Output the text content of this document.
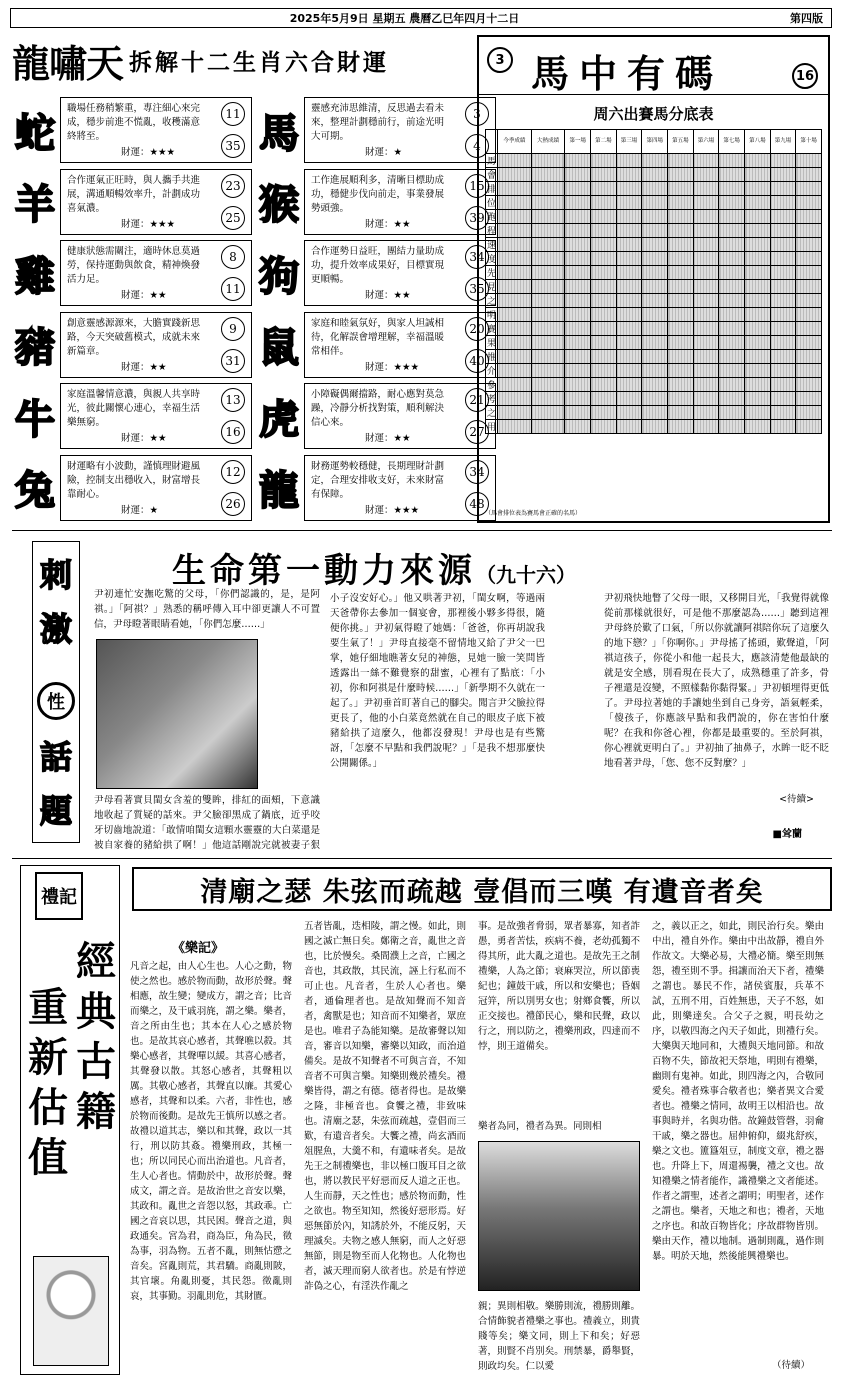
2025年5月9日 星期五 農曆乙巳年四月十二日	第四版
龍嘯天 拆解十二生肖六合財運
蛇
職場任務稍繁重，專注細心來完成，穩步前進不慌亂，收穫滿意終將至。
財運：★★★
11
35
羊
合作運氣正旺時，與人攜手共進展，溝通順暢效率升，計劃成功喜氣濃。
財運：★★★
23
25
雞
健康狀態需關注，適時休息莫過勞，保持運動與飲食，精神煥發活力足。
財運：★★
8
11
豬
創意靈感源源來，大膽實踐新思路，今天突破舊模式，成就未來新篇章。
財運：★★
9
31
牛
家庭溫馨情意濃，與親人共享時光，彼此關懷心連心，幸福生活樂無窮。
財運：★★
13
16
兔
財運略有小波動，謹慎理財避風險，控制支出穩收入，財富增長靠耐心。
財運：★
12
26
馬
靈感充沛思維清，反思過去看未來，整理計劃穩前行，前途光明大可期。
財運：★
3
4
猴
工作進展順利多，清晰目標助成功，穩健步伐向前走，事業發展勢頭強。
財運：★★
15
39
狗
合作運勢日益旺，團結力量助成功，提升效率成果好，目標實現更順暢。
財運：★★
34
35
鼠
家庭和睦氣氛好，與家人坦誠相待，化解誤會增理解，幸福溫暖常相伴。
財運：★★★
20
40
虎
小障礙偶爾擋路，耐心應對莫急躁，冷靜分析找對策，順利解決信心來。
財運：★★
21
27
龍
財務運勢較穩健，長期理財計劃定，合理安排收支好，未來財富有保障。
財運：★★★
34
48
3 馬中有碼	16
周六出賽馬分底表
	今季成績	大熱成績	第一場	第二場	第三場	第四場	第五場	第六場	第七場	第八場	第九場	第十場
馬												
會												
排												
位												
跑												
程												
速												
度												
先												
見												
之												
明												
賽												
果												
推												
介												
參												
考												
之												
用												
（馬會排位表為賽馬會正確的名馬）
刺
激
性
話
題
生命第一動力來源（九十六）
尹初連忙安撫吃驚的父母，「你們認識的，是，是阿祺。」「阿祺？」熟悉的稱呼傳入耳中卻更讓人不可置信，尹母瞪著眼睛看她，「你們怎麼……」
尹母看著實貝閨女含羞的雙眸，排紅的面頰，下意識地收起了質疑的話來。尹父臉卻黑成了鍋底，近乎咬牙切齒地說道：「敢情咱閨女這顆水靈靈的大白菜還是被自家養的豬給拱了啊！」他這話剛說完就被妻子狠
小子沒安好心。」他又哄著尹初，「閨女啊，等過兩天爸帶你去參加一個宴會，那裡後小夥多得很，隨便你挑。」尹初氣得瞪了她媽：「爸爸，你再胡說我要生氣了！」尹母直接毫不留情地又給了尹父一巴掌，她仔細地瞧著女兒的神態，見她一臉一笑問皆透露出一絲不難覺察的甜蜜，心裡有了點底：「小初，你和阿祺是什麼時候……」「新學期不久就在一起了。」尹初垂首盯著自己的腳尖。聞言尹父臉拉得更長了，他的小白菜竟然就在自己的眼皮子底下被豬給拱了這麼久，他都沒發現！尹母也是有些驚訝，「怎麼不早點和我們說呢？」「是我不想那麼快公開關係。」
尹初飛快地瞥了父母一眼，又移開目光，「我覺得就像從前那樣就很好，可是他不那麼認為……」聽到這裡尹母終於歎了口氣，「所以你就讓阿祺陪你玩了這麼久的地下戀？」「你啊你。」尹母搖了搖頭，歎聲道，「阿祺這孩子，你從小和他一起長大，應該清楚他最缺的就是安全感，別看現在長大了，成熟穩重了許多，骨子裡還是沒變，不照樣黏你黏得緊。」尹初頓埋得更低了。尹母拉著她的手讓她坐到自己身旁，語氣輕柔，「傻孩子，你應該早點和我們說的，你在害怕什麼呢？在我和你爸心裡，你都是最重要的。至於阿祺，你心裡就更明白了。」尹初抽了抽鼻子，水眸一眨不眨地看著尹母，「您、您不反對麼？」
<待續>
■耸蘭
禮記
經
典
古
籍
重
新
估
值
清廟之瑟 朱弦而疏越 壹倡而三嘆 有遺音者矣
《樂記》
凡音之起，由人心生也。人心之動，物使之然也。感於物而動，故形於聲。聲相應，故生變；變成方，謂之音；比音而樂之，及干戚羽旄，謂之樂。樂者，音之所由生也；其本在人心之感於物也。是故其哀心感者，其聲噍以殺。其樂心感者，其聲嘽以緩。其喜心感者，其聲發以散。其怒心感者，其聲粗以厲。其敬心感者，其聲直以廉。其愛心感者，其聲和以柔。六者，非性也，感於物而後動。是故先王慎所以感之者。故禮以道其志，樂以和其聲，政以一其行，刑以防其姦。禮樂刑政，其極一也；所以同民心而出治道也。凡音者，生人心者也。情動於中，故形於聲。聲成文，謂之音。是故治世之音安以樂，其政和。亂世之音怨以怒，其政乖。亡國之音哀以思，其民困。聲音之道，與政通矣。宮為君，商為臣，角為民，徵為事，羽為物。五者不亂，則無怗懘之音矣。宮亂則荒，其君驕。商亂則陂，其官壞。角亂則憂，其民怨。徵亂則哀，其事勤。羽亂則危，其財匱。
五者皆亂，迭相陵，謂之慢。如此，則國之滅亡無日矣。鄭衛之音，亂世之音也，比於慢矣。桑間濮上之音，亡國之音也，其政散，其民流，誣上行私而不可止也。凡音者，生於人心者也。樂者，通倫理者也。是故知聲而不知音者，禽獸是也；知音而不知樂者，眾庶是也。唯君子為能知樂。是故審聲以知音，審音以知樂，審樂以知政，而治道備矣。是故不知聲者不可與言音，不知音者不可與言樂。知樂則幾於禮矣。禮樂皆得，謂之有德。德者得也。是故樂之隆，非極音也。食饗之禮，非致味也。清廟之瑟，朱弦而疏越，壹倡而三歎，有遺音者矣。大饗之禮，尚玄酒而俎腥魚，大羹不和，有遺味者矣。是故先王之制禮樂也，非以極口腹耳目之欲也，將以教民平好惡而反人道之正也。人生而靜，天之性也；感於物而動，性之欲也。物至知知，然後好惡形焉。好惡無節於內，知誘於外，不能反躬，天理滅矣。夫物之感人無窮，而人之好惡無節，則是物至而人化物也。人化物也者，滅天理而窮人欲者也。於是有悖逆詐偽之心，有淫泆作亂之
事。是故強者脅弱，眾者暴寡，知者詐愚，勇者苦怯，疾病不養，老幼孤獨不得其所，此大亂之道也。是故先王之制禮樂，人為之節；衰麻哭泣，所以節喪紀也；鐘鼓干戚，所以和安樂也；昏姻冠笄，所以別男女也；射鄉食饗，所以正交接也。禮節民心，樂和民聲，政以行之，刑以防之，禮樂刑政，四達而不悖，則王道備矣。
樂者為同，禮者為異。同則相
親；異則相敬。樂勝則流，禮勝則離。合情飾貌者禮樂之事也。禮義立，則貴賤等矣；樂文同，則上下和矣；好惡著，則賢不肖別矣。刑禁暴，爵舉賢，則政均矣。仁以愛
之，義以正之，如此，則民治行矣。樂由中出，禮自外作。樂由中出故靜，禮自外作故文。大樂必易，大禮必簡。樂至則無怨，禮至則不爭。揖讓而治天下者，禮樂之謂也。暴民不作，諸侯賓服，兵革不試，五刑不用，百姓無患，天子不怒，如此，則樂達矣。合父子之親，明長幼之序，以敬四海之內天子如此，則禮行矣。大樂與天地同和，大禮與天地同節。和故百物不失，節故祀天祭地，明則有禮樂，幽則有鬼神。如此，則四海之內，合敬同愛矣。禮者殊事合敬者也；樂者異文合愛者也。禮樂之情同，故明王以相沿也。故事與時并，名與功偕。故鐘鼓管磬，羽龠干戚，樂之器也。屈伸俯仰，綴兆舒疾，樂之文也。簠簋俎豆，制度文章，禮之器也。升降上下，周還裼襲，禮之文也。故知禮樂之情者能作，識禮樂之文者能述。作者之謂聖，述者之謂明；明聖者，述作之謂也。樂者，天地之和也；禮者，天地之序也。和故百物皆化；序故群物皆別。樂由天作，禮以地制。過制則亂，過作則暴。明於天地，然後能興禮樂也。
（待續）
